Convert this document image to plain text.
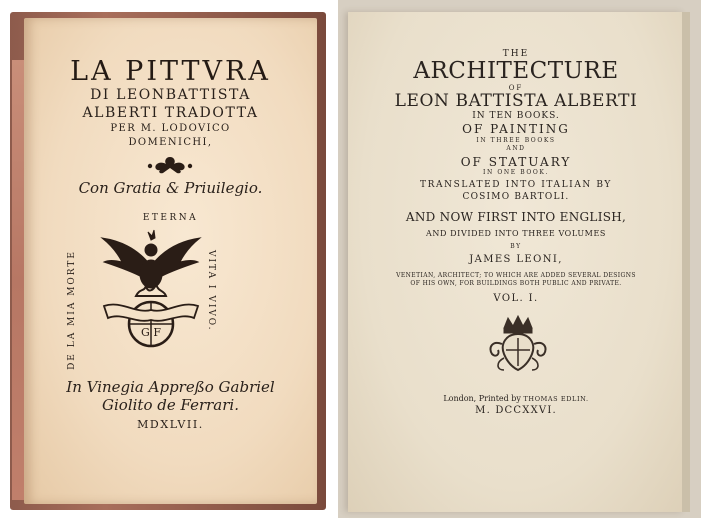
LA PITTVRA
DI LEONBATTISTA
ALBERTI TRADOTTA
PER M. LODOVICO
DOMENICHI,
Con Gratia & Priuilegio.
ETERNA
DE LA MIA MORTE	VITA I VIVO.
G F
In Vinegia Appreßo Gabriel
Giolito de Ferrari.
MDXLVII.
THE
ARCHITECTURE
OF
LEON BATTISTA ALBERTI
IN TEN BOOKS.
OF PAINTING
IN THREE BOOKS
AND
OF STATUARY
IN ONE BOOK.
TRANSLATED INTO ITALIAN BY
COSIMO BARTOLI.
AND NOW FIRST INTO ENGLISH,
AND DIVIDED INTO THREE VOLUMES
BY
JAMES LEONI,
VENETIAN, ARCHITECT; TO WHICH ARE ADDED SEVERAL DESIGNS
OF HIS OWN, FOR BUILDINGS BOTH PUBLIC AND PRIVATE.
VOL. I.
London, Printed by THOMAS EDLIN.
M. DCCXXVI.
